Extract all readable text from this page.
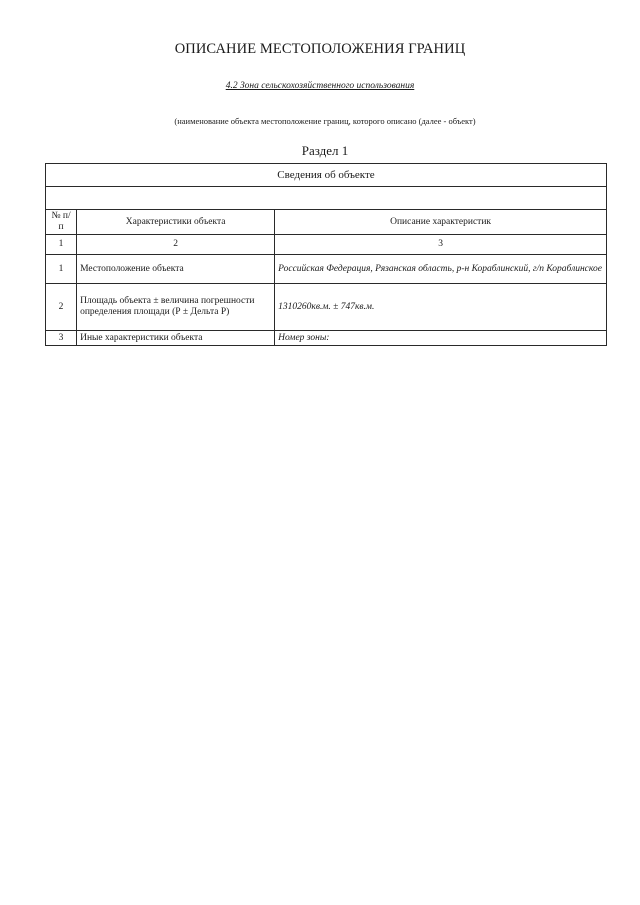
ОПИСАНИЕ МЕСТОПОЛОЖЕНИЯ ГРАНИЦ
4.2 Зона сельскохозяйственного использования
(наименование объекта местоположение границ, которого описано (далее - объект)
Раздел 1
Сведения об объекте		

№ п/п	Характеристики объекта	Описание характеристик
1	2	3
1	Местоположение объекта	Российская Федерация, Рязанская область, р-н Кораблинский, г/п Кораблинское
2	Площадь объекта ± величина погрешности определения площади (Р ± Дельта Р)	1310260кв.м. ± 747кв.м.
3	Иные характеристики объекта	Номер зоны:
